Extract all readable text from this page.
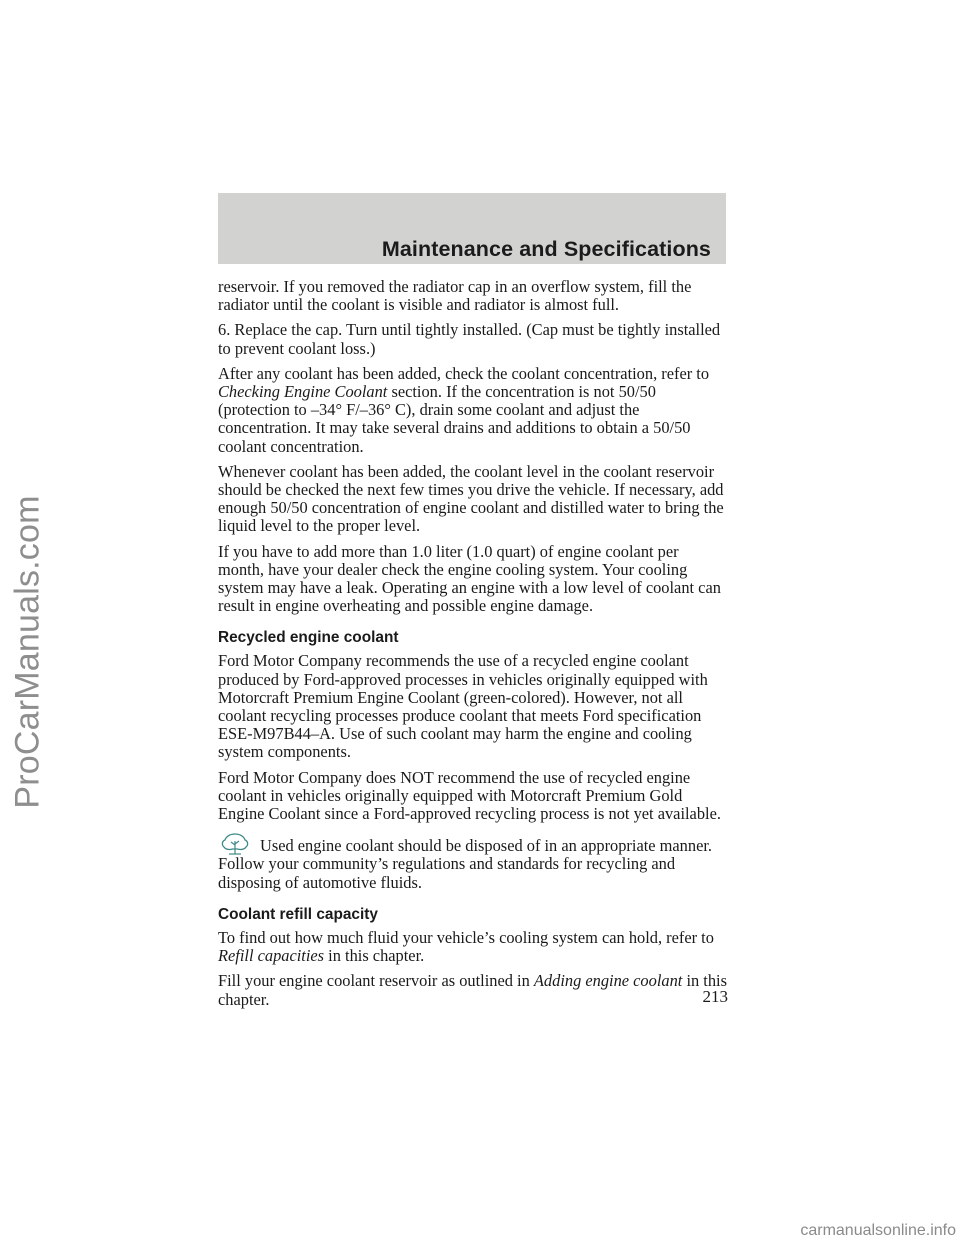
Maintenance and Specifications
ProCarManuals.com

reservoir. If you removed the radiator cap in an overflow system, fill the radiator until the coolant is visible and radiator is almost full.

6. Replace the cap. Turn until tightly installed. (Cap must be tightly installed to prevent coolant loss.)

After any coolant has been added, check the coolant concentration, refer to Checking Engine Coolant section. If the concentration is not 50/50 (protection to –34° F/–36° C), drain some coolant and adjust the concentration. It may take several drains and additions to obtain a 50/50 coolant concentration.

Whenever coolant has been added, the coolant level in the coolant reservoir should be checked the next few times you drive the vehicle. If necessary, add enough 50/50 concentration of engine coolant and distilled water to bring the liquid level to the proper level.

If you have to add more than 1.0 liter (1.0 quart) of engine coolant per month, have your dealer check the engine cooling system. Your cooling system may have a leak. Operating an engine with a low level of coolant can result in engine overheating and possible engine damage.

Recycled engine coolant

Ford Motor Company recommends the use of a recycled engine coolant produced by Ford-approved processes in vehicles originally equipped with Motorcraft Premium Engine Coolant (green-colored). However, not all coolant recycling processes produce coolant that meets Ford specification ESE-M97B44–A. Use of such coolant may harm the engine and cooling system components.

Ford Motor Company does NOT recommend the use of recycled engine coolant in vehicles originally equipped with Motorcraft Premium Gold Engine Coolant since a Ford-approved recycling process is not yet available.

Used engine coolant should be disposed of in an appropriate manner. Follow your community’s regulations and standards for recycling and disposing of automotive fluids.

Coolant refill capacity

To find out how much fluid your vehicle’s cooling system can hold, refer to Refill capacities in this chapter.

Fill your engine coolant reservoir as outlined in Adding engine coolant in this chapter.	213
carmanualsonline.info
